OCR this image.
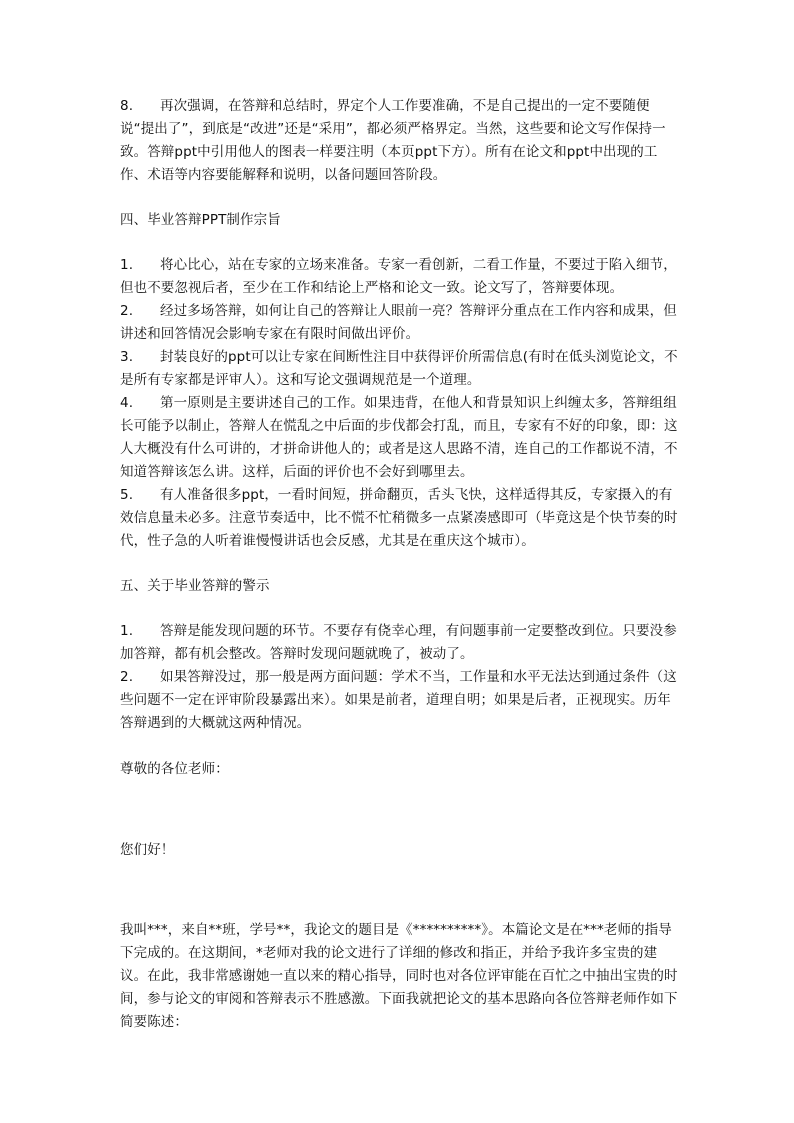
8. 再次强调，在答辩和总结时，界定个人工作要准确，不是自己提出的一定不要随便说“提出了”，到底是“改进”还是“采用”，都必须严格界定。当然，这些要和论文写作保持一致。答辩ppt中引用他人的图表一样要注明（本页ppt下方）。所有在论文和ppt中出现的工作、术语等内容要能解释和说明，以备问题回答阶段。

四、毕业答辩PPT制作宗旨

1. 将心比心，站在专家的立场来准备。专家一看创新，二看工作量，不要过于陷入细节，但也不要忽视后者，至少在工作和结论上严格和论文一致。论文写了，答辩要体现。

2. 经过多场答辩，如何让自己的答辩让人眼前一亮？答辩评分重点在工作内容和成果，但讲述和回答情况会影响专家在有限时间做出评价。

3. 封装良好的ppt可以让专家在间断性注目中获得评价所需信息(有时在低头浏览论文，不是所有专家都是评审人）。这和写论文强调规范是一个道理。

4. 第一原则是主要讲述自己的工作。如果违背，在他人和背景知识上纠缠太多，答辩组组长可能予以制止，答辩人在慌乱之中后面的步伐都会打乱，而且，专家有不好的印象，即：这人大概没有什么可讲的，才拼命讲他人的；或者是这人思路不清，连自己的工作都说不清，不知道答辩该怎么讲。这样，后面的评价也不会好到哪里去。

5. 有人准备很多ppt，一看时间短，拼命翻页，舌头飞快，这样适得其反，专家摄入的有效信息量未必多。注意节奏适中，比不慌不忙稍微多一点紧凑感即可（毕竟这是个快节奏的时代，性子急的人听着谁慢慢讲话也会反感，尤其是在重庆这个城市）。

五、关于毕业答辩的警示

1. 答辩是能发现问题的环节。不要存有侥幸心理，有问题事前一定要整改到位。只要没参加答辩，都有机会整改。答辩时发现问题就晚了，被动了。

2. 如果答辩没过，那一般是两方面问题：学术不当，工作量和水平无法达到通过条件（这些问题不一定在评审阶段暴露出来）。如果是前者，道理自明；如果是后者，正视现实。历年答辩遇到的大概就这两种情况。

尊敬的各位老师：

您们好！

我叫***，来自**班，学号**，我论文的题目是《**********》。本篇论文是在***老师的指导下完成的。在这期间，*老师对我的论文进行了详细的修改和指正，并给予我许多宝贵的建议。在此，我非常感谢她一直以来的精心指导，同时也对各位评审能在百忙之中抽出宝贵的时间，参与论文的审阅和答辩表示不胜感激。下面我就把论文的基本思路向各位答辩老师作如下简要陈述：
